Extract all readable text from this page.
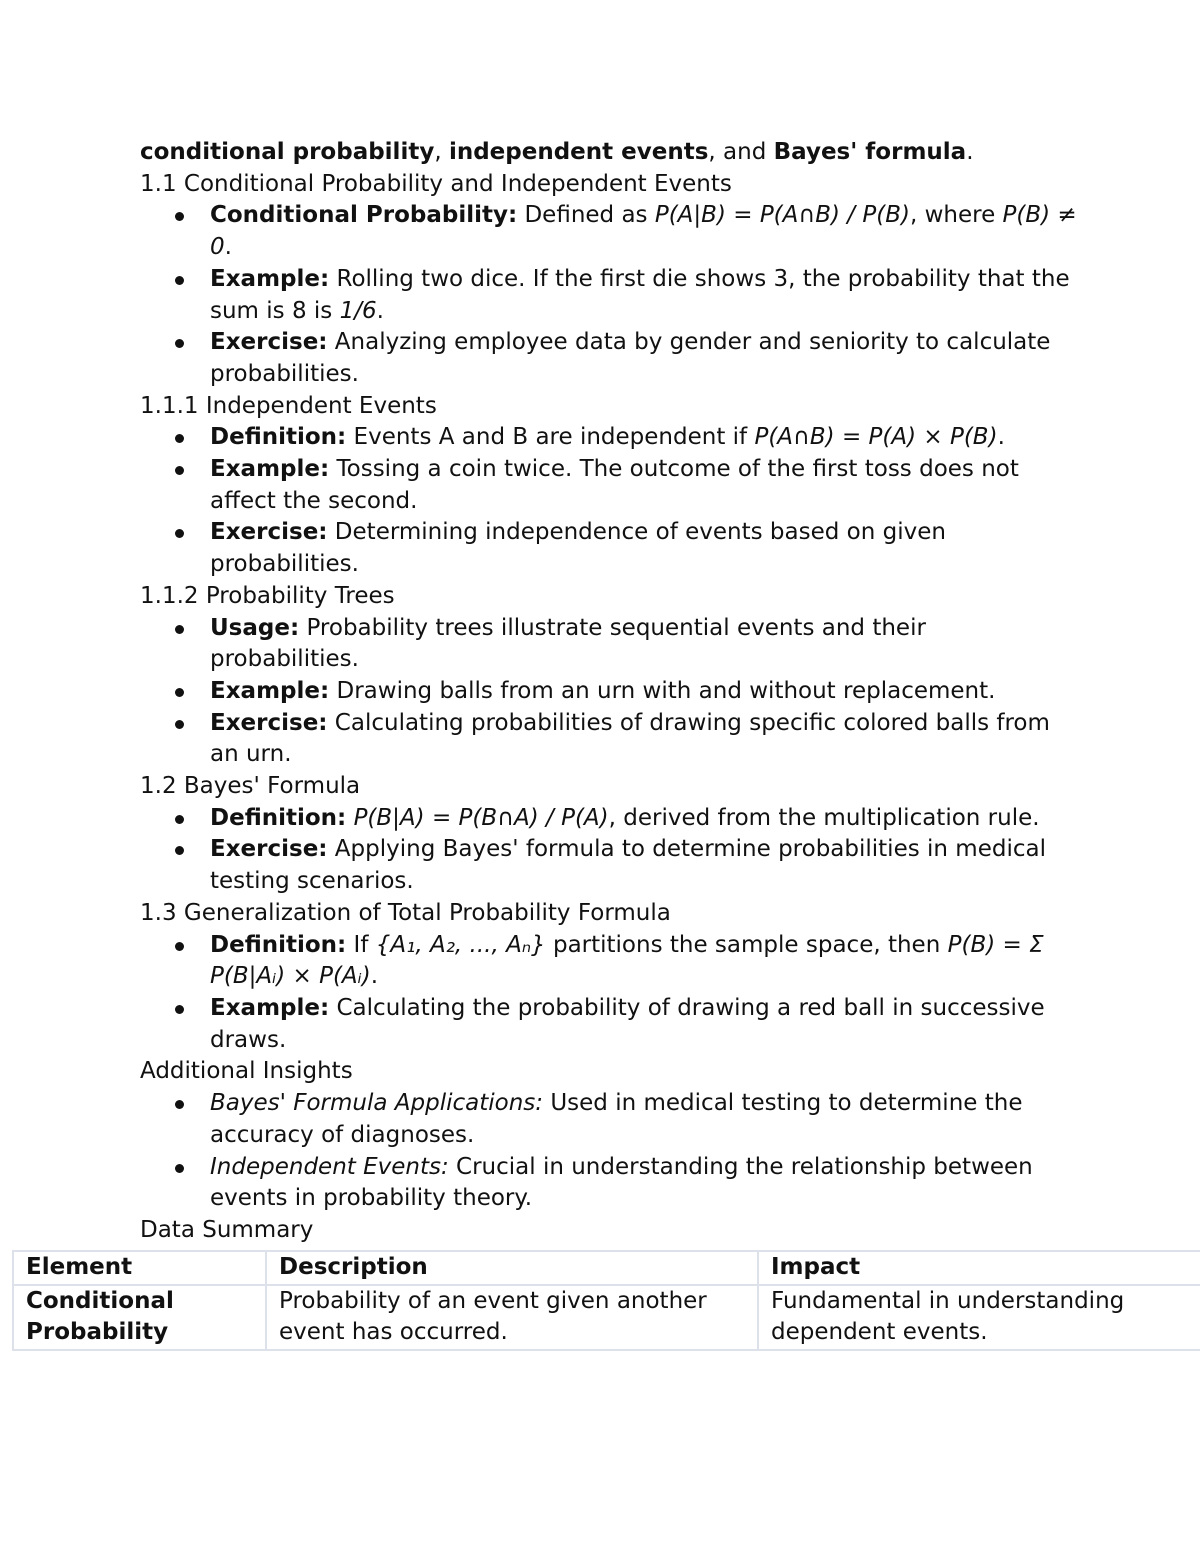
conditional probability, independent events, and Bayes' formula.

1.1 Conditional Probability and Independent Events

Conditional Probability: Defined as P(A|B) = P(A∩B) / P(B), where P(B) ≠ 0.
Example: Rolling two dice. If the first die shows 3, the probability that the sum is 8 is 1/6.
Exercise: Analyzing employee data by gender and seniority to calculate probabilities.

1.1.1 Independent Events

Definition: Events A and B are independent if P(A∩B) = P(A) × P(B).
Example: Tossing a coin twice. The outcome of the first toss does not affect the second.
Exercise: Determining independence of events based on given probabilities.

1.1.2 Probability Trees

Usage: Probability trees illustrate sequential events and their probabilities.
Example: Drawing balls from an urn with and without replacement.
Exercise: Calculating probabilities of drawing specific colored balls from an urn.

1.2 Bayes' Formula

Definition: P(B|A) = P(B∩A) / P(A), derived from the multiplication rule.
Exercise: Applying Bayes' formula to determine probabilities in medical testing scenarios.

1.3 Generalization of Total Probability Formula

Definition: If {A₁, A₂, ..., Aₙ} partitions the sample space, then P(B) = Σ P(B|Aᵢ) × P(Aᵢ).
Example: Calculating the probability of drawing a red ball in successive draws.

Additional Insights

Bayes' Formula Applications: Used in medical testing to determine the accuracy of diagnoses.
Independent Events: Crucial in understanding the relationship between events in probability theory.

Data Summary

Element	Description	Impact
Conditional Probability	Probability of an event given another event has occurred.	Fundamental in understanding dependent events.
